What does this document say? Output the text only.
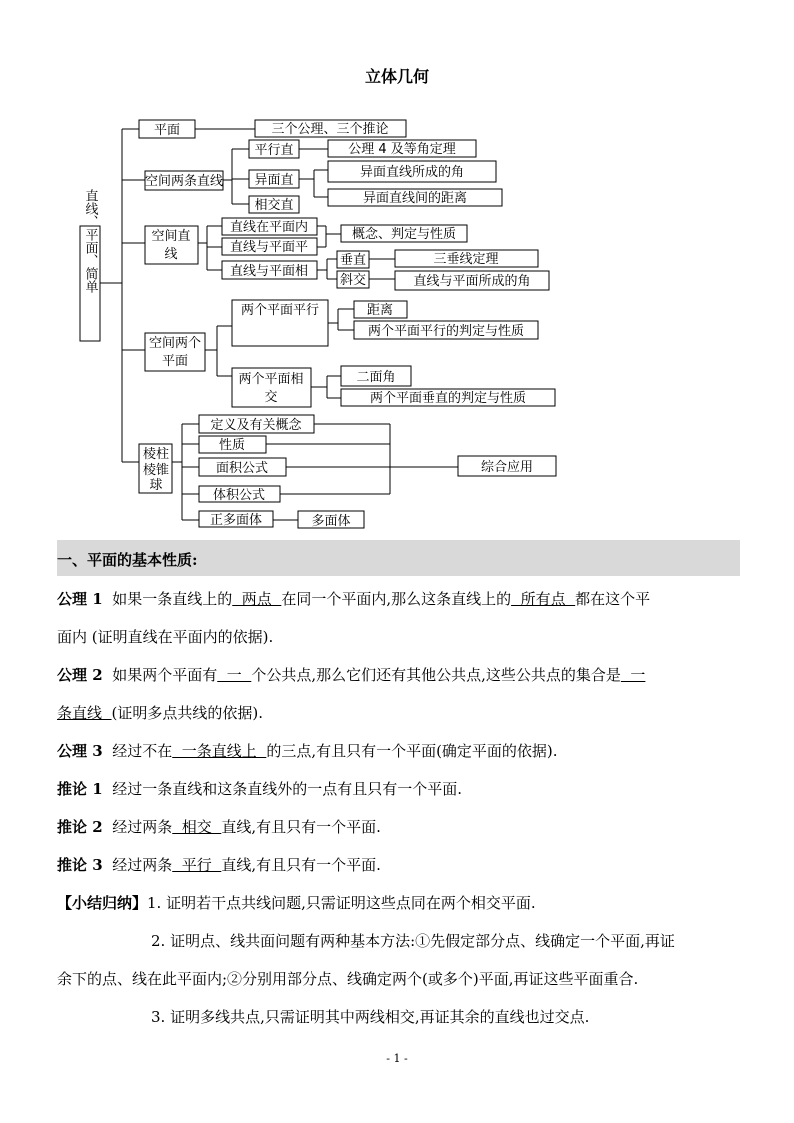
立体几何
直线、平面、简单
平面	三个公理、三个推论
空间两条直线
平行直	公理 4 及等角定理
异面直
异面直线所成的角
异面直线间的距离
相交直
空间直
线
直线在平面内
直线与平面平
概念、判定与性质
直线与平面相
垂直	三垂线定理
斜交	直线与平面所成的角
空间两个
平面
两个平面平行	距离
两个平面平行的判定与性质
两个平面相
交
二面角
两个平面垂直的判定与性质
棱柱
棱锥
球
定义及有关概念
性质
面积公式
体积公式
正多面体	多面体
综合应用
一、平面的基本性质:
公理 1 如果一条直线上的  两点  在同一个平面内,那么这条直线上的  所有点  都在这个平
面内 (证明直线在平面内的依据).
公理 2 如果两个平面有  一  个公共点,那么它们还有其他公共点,这些公共点的集合是  一
条直线  (证明多点共线的依据).
公理 3 经过不在  一条直线上  的三点,有且只有一个平面(确定平面的依据).
推论 1 经过一条直线和这条直线外的一点有且只有一个平面.
推论 2 经过两条  相交  直线,有且只有一个平面.
推论 3 经过两条  平行  直线,有且只有一个平面.
【小结归纳】1. 证明若干点共线问题,只需证明这些点同在两个相交平面.
2. 证明点、线共面问题有两种基本方法:①先假定部分点、线确定一个平面,再证
余下的点、线在此平面内;②分别用部分点、线确定两个(或多个)平面,再证这些平面重合.
3. 证明多线共点,只需证明其中两线相交,再证其余的直线也过交点.
- 1 -
